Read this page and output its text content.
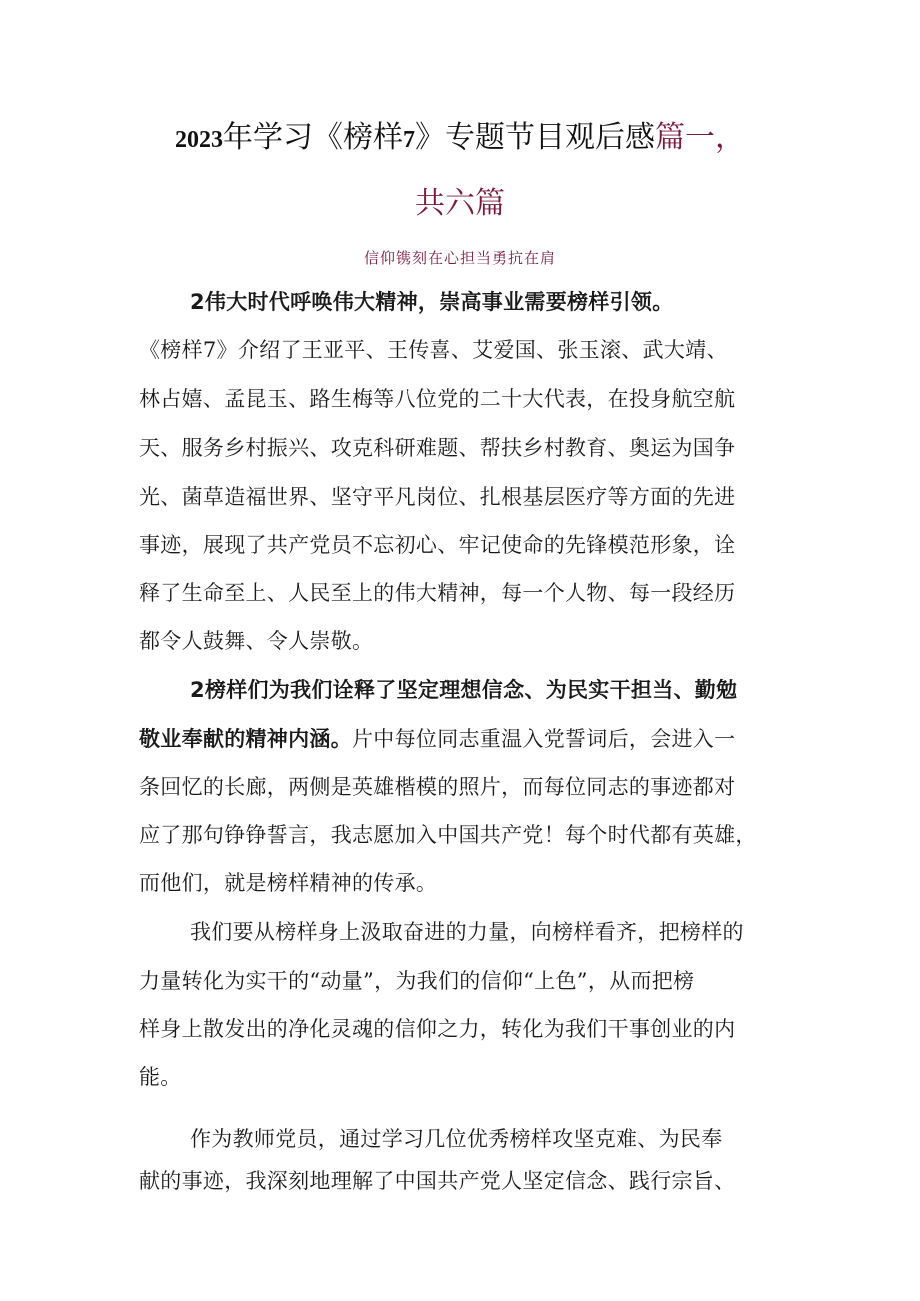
2023年学习《榜样7》专题节目观后感篇一，
共六篇
信仰镌刻在心担当勇抗在肩
2伟大时代呼唤伟大精神，崇高事业需要榜样引领。
《榜样7》介绍了王亚平、王传喜、艾爱国、张玉滚、武大靖、
林占嬉、孟昆玉、路生梅等八位党的二十大代表，在投身航空航
天、服务乡村振兴、攻克科研难题、帮扶乡村教育、奥运为国争
光、菌草造福世界、坚守平凡岗位、扎根基层医疗等方面的先进
事迹，展现了共产党员不忘初心、牢记使命的先锋模范形象，诠
释了生命至上、人民至上的伟大精神，每一个人物、每一段经历
都令人鼓舞、令人崇敬。
2榜样们为我们诠释了坚定理想信念、为民实干担当、勤勉
敬业奉献的精神内涵。片中每位同志重温入党誓词后，会进入一
条回忆的长廊，两侧是英雄楷模的照片，而每位同志的事迹都对
应了那句铮铮誓言，我志愿加入中国共产党！每个时代都有英雄，
而他们，就是榜样精神的传承。
我们要从榜样身上汲取奋进的力量，向榜样看齐，把榜样的
力量转化为实干的“动量”，为我们的信仰“上色”，从而把榜
样身上散发出的净化灵魂的信仰之力，转化为我们干事创业的内
能。
作为教师党员，通过学习几位优秀榜样攻坚克难、为民奉
献的事迹，我深刻地理解了中国共产党人坚定信念、践行宗旨、
